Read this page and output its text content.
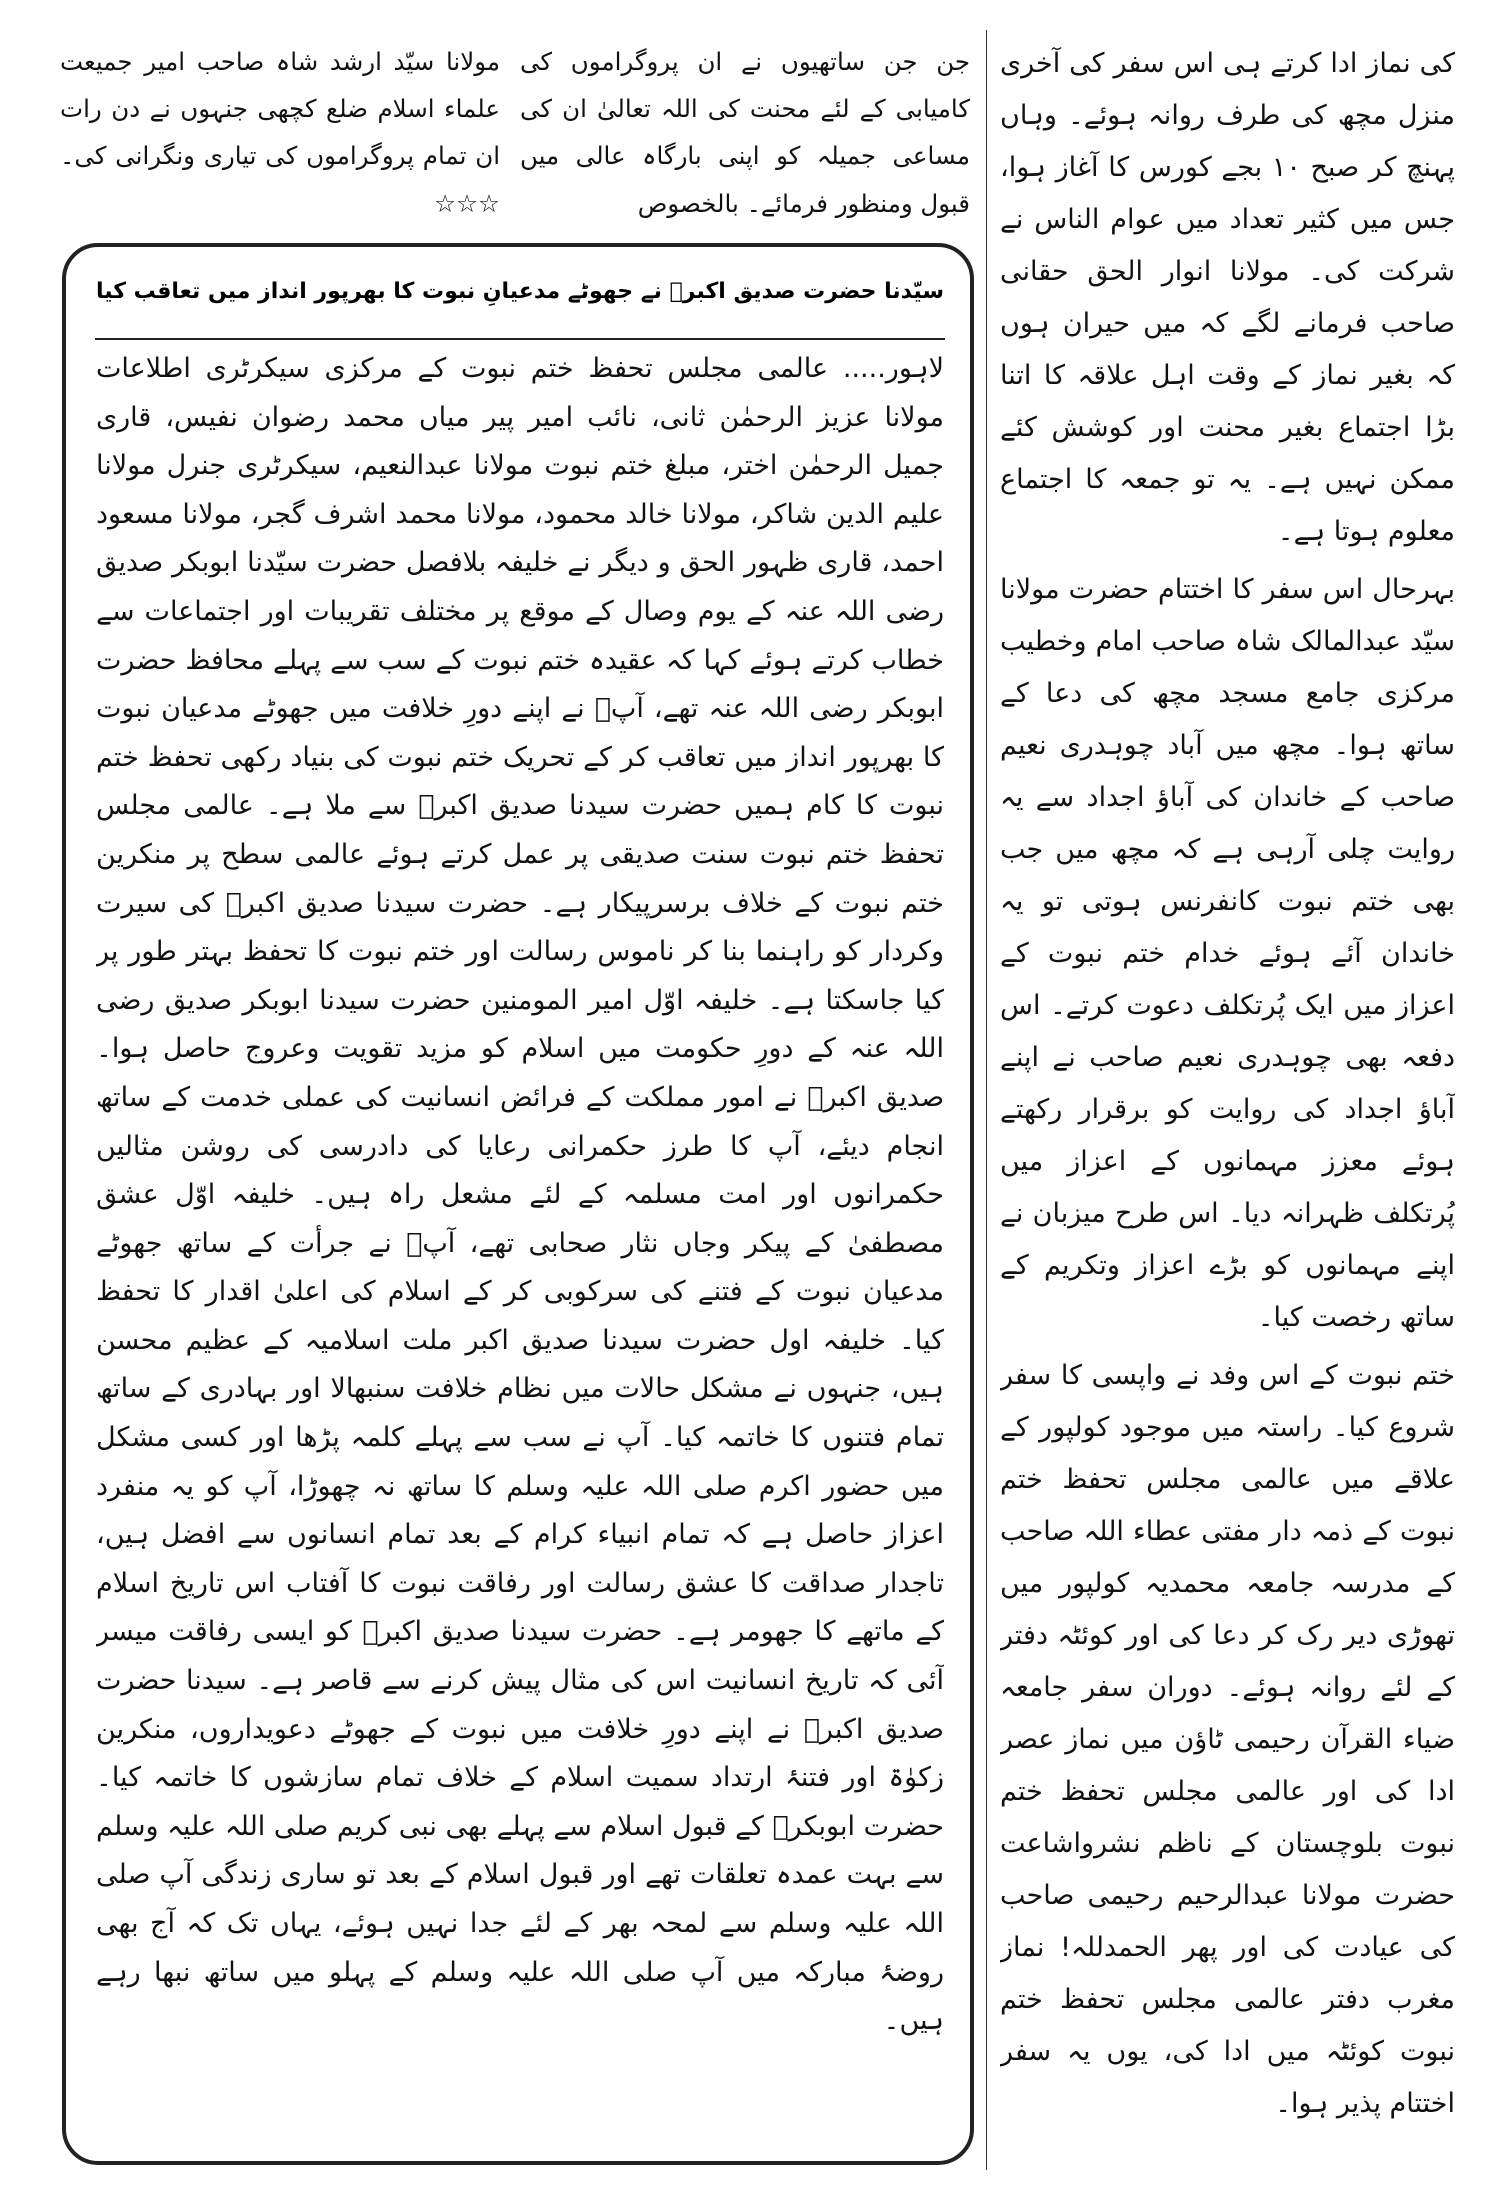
کی نماز ادا کرتے ہی اس سفر کی آخری منزل مچھ کی طرف روانہ ہوئے۔ وہاں پہنچ کر صبح ۱۰ بجے کورس کا آغاز ہوا، جس میں کثیر تعداد میں عوام الناس نے شرکت کی۔ مولانا انوار الحق حقانی صاحب فرمانے لگے کہ میں حیران ہوں کہ بغیر نماز کے وقت اہل علاقہ کا اتنا بڑا اجتماع بغیر محنت اور کوشش کئے ممکن نہیں ہے۔ یہ تو جمعہ کا اجتماع معلوم ہوتا ہے۔

بہرحال اس سفر کا اختتام حضرت مولانا سیّد عبدالمالک شاہ صاحب امام وخطیب مرکزی جامع مسجد مچھ کی دعا کے ساتھ ہوا۔ مچھ میں آباد چوہدری نعیم صاحب کے خاندان کی آباؤ اجداد سے یہ روایت چلی آرہی ہے کہ مچھ میں جب بھی ختم نبوت کانفرنس ہوتی تو یہ خاندان آئے ہوئے خدام ختم نبوت کے اعزاز میں ایک پُرتکلف دعوت کرتے۔ اس دفعہ بھی چوہدری نعیم صاحب نے اپنے آباؤ اجداد کی روایت کو برقرار رکھتے ہوئے معزز مہمانوں کے اعزاز میں پُرتکلف ظہرانہ دیا۔ اس طرح میزبان نے اپنے مہمانوں کو بڑے اعزاز وتکریم کے ساتھ رخصت کیا۔

ختم نبوت کے اس وفد نے واپسی کا سفر شروع کیا۔ راستہ میں موجود کولپور کے علاقے میں عالمی مجلس تحفظ ختم نبوت کے ذمہ دار مفتی عطاء اللہ صاحب کے مدرسہ جامعہ محمدیہ کولپور میں تھوڑی دیر رک کر دعا کی اور کوئٹہ دفتر کے لئے روانہ ہوئے۔ دوران سفر جامعہ ضیاء القرآن رحیمی ٹاؤن میں نماز عصر ادا کی اور عالمی مجلس تحفظ ختم نبوت بلوچستان کے ناظم نشرواشاعت حضرت مولانا عبدالرحیم رحیمی صاحب کی عیادت کی اور پھر الحمدللہ! نماز مغرب دفتر عالمی مجلس تحفظ ختم نبوت کوئٹہ میں ادا کی، یوں یہ سفر اختتام پذیر ہوا۔

جن جن ساتھیوں نے ان پروگراموں کی کامیابی کے لئے محنت کی اللہ تعالیٰ ان کی مساعی جمیلہ کو اپنی بارگاہ عالی میں قبول ومنظور فرمائے۔ بالخصوص

مولانا سیّد ارشد شاہ صاحب امیر جمیعت علماء اسلام ضلع کچھی جنہوں نے دن رات ان تمام پروگراموں کی تیاری ونگرانی کی۔☆☆☆

سیّدنا حضرت صدیق اکبرؓ نے جھوٹے مدعیانِ نبوت کا بھرپور انداز میں تعاقب کیا

لاہور..... عالمی مجلس تحفظ ختم نبوت کے مرکزی سیکرٹری اطلاعات مولانا عزیز الرحمٰن ثانی، نائب امیر پیر میاں محمد رضوان نفیس، قاری جمیل الرحمٰن اختر، مبلغ ختم نبوت مولانا عبدالنعیم، سیکرٹری جنرل مولانا علیم الدین شاکر، مولانا خالد محمود، مولانا محمد اشرف گجر، مولانا مسعود احمد، قاری ظہور الحق و دیگر نے خلیفہ بلافصل حضرت سیّدنا ابوبکر صدیق رضی اللہ عنہ کے یوم وصال کے موقع پر مختلف تقریبات اور اجتماعات سے خطاب کرتے ہوئے کہا کہ عقیدہ ختم نبوت کے سب سے پہلے محافظ حضرت ابوبکر رضی اللہ عنہ تھے، آپؓ نے اپنے دورِ خلافت میں جھوٹے مدعیان نبوت کا بھرپور انداز میں تعاقب کر کے تحریک ختم نبوت کی بنیاد رکھی تحفظ ختم نبوت کا کام ہمیں حضرت سیدنا صدیق اکبرؓ سے ملا ہے۔ عالمی مجلس تحفظ ختم نبوت سنت صدیقی پر عمل کرتے ہوئے عالمی سطح پر منکرین ختم نبوت کے خلاف برسرپیکار ہے۔ حضرت سیدنا صدیق اکبرؓ کی سیرت وکردار کو راہنما بنا کر ناموس رسالت اور ختم نبوت کا تحفظ بہتر طور پر کیا جاسکتا ہے۔ خلیفہ اوّل امیر المومنین حضرت سیدنا ابوبکر صدیق رضی اللہ عنہ کے دورِ حکومت میں اسلام کو مزید تقویت وعروج حاصل ہوا۔ صدیق اکبرؓ نے امور مملکت کے فرائض انسانیت کی عملی خدمت کے ساتھ انجام دیئے، آپ کا طرز حکمرانی رعایا کی دادرسی کی روشن مثالیں حکمرانوں اور امت مسلمہ کے لئے مشعل راہ ہیں۔ خلیفہ اوّل عشق مصطفیٰ کے پیکر وجاں نثار صحابی تھے، آپؓ نے جرأت کے ساتھ جھوٹے مدعیان نبوت کے فتنے کی سرکوبی کر کے اسلام کی اعلیٰ اقدار کا تحفظ کیا۔ خلیفہ اول حضرت سیدنا صدیق اکبر ملت اسلامیہ کے عظیم محسن ہیں، جنہوں نے مشکل حالات میں نظام خلافت سنبھالا اور بہادری کے ساتھ تمام فتنوں کا خاتمہ کیا۔ آپ نے سب سے پہلے کلمہ پڑھا اور کسی مشکل میں حضور اکرم صلی اللہ علیہ وسلم کا ساتھ نہ چھوڑا، آپ کو یہ منفرد اعزاز حاصل ہے کہ تمام انبیاء کرام کے بعد تمام انسانوں سے افضل ہیں، تاجدار صداقت کا عشق رسالت اور رفاقت نبوت کا آفتاب اس تاریخ اسلام کے ماتھے کا جھومر ہے۔ حضرت سیدنا صدیق اکبرؓ کو ایسی رفاقت میسر آئی کہ تاریخ انسانیت اس کی مثال پیش کرنے سے قاصر ہے۔ سیدنا حضرت صدیق اکبرؓ نے اپنے دورِ خلافت میں نبوت کے جھوٹے دعویداروں، منکرین زکوٰۃ اور فتنۂ ارتداد سمیت اسلام کے خلاف تمام سازشوں کا خاتمہ کیا۔ حضرت ابوبکرؓ کے قبول اسلام سے پہلے بھی نبی کریم صلی اللہ علیہ وسلم سے بہت عمدہ تعلقات تھے اور قبول اسلام کے بعد تو ساری زندگی آپ صلی اللہ علیہ وسلم سے لمحہ بھر کے لئے جدا نہیں ہوئے، یہاں تک کہ آج بھی روضۂ مبارکہ میں آپ صلی اللہ علیہ وسلم کے پہلو میں ساتھ نبھا رہے ہیں۔
